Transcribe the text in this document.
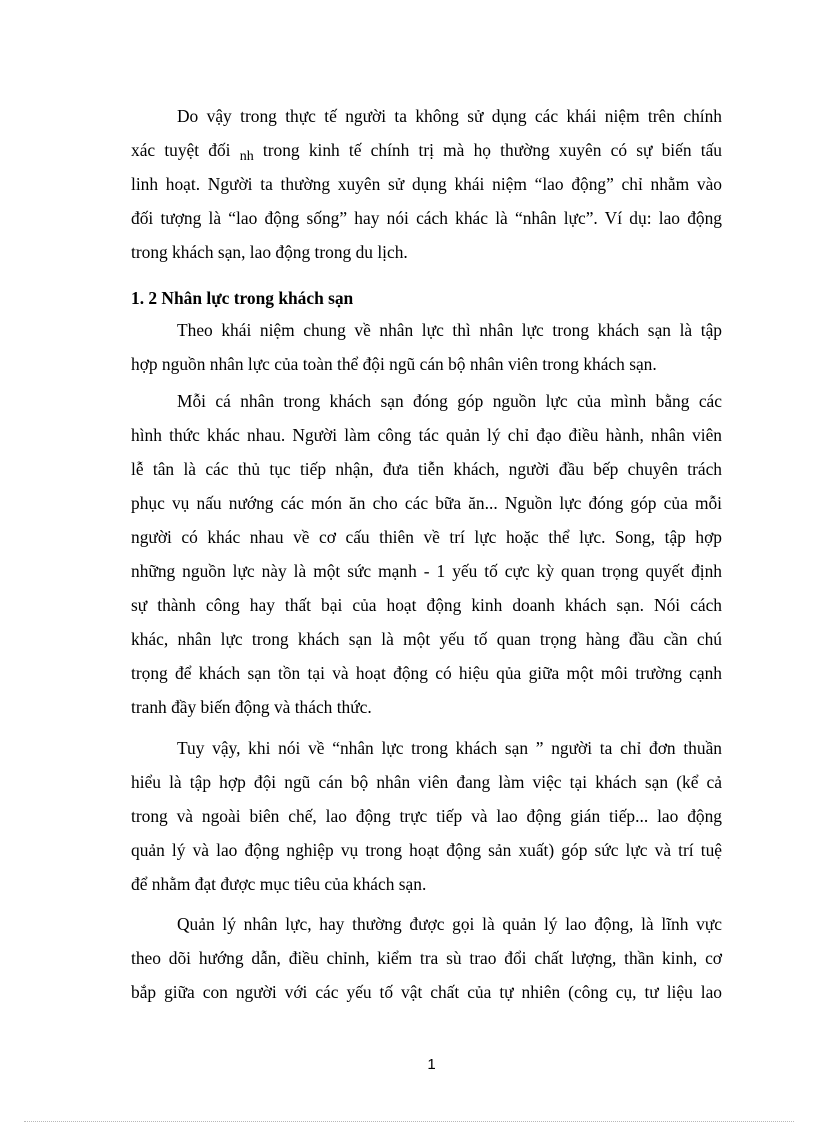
Do vậy trong thực tế người ta không sử dụng các khái niệm trên chính
xác tuyệt đối $_{nh}$ trong kinh tế chính trị mà họ thường xuyên có sự biến tấu
linh hoạt. Người ta thường xuyên sử dụng khái niệm “lao động” chỉ nhằm vào
đối tượng là “lao động sống” hay nói cách khác là “nhân lực”. Ví dụ: lao động
trong khách sạn, lao động trong du lịch.
1. 2 Nhân lực trong khách sạn
Theo khái niệm chung về nhân lực thì nhân lực trong khách sạn là tập
hợp nguồn nhân lực của toàn thể đội ngũ cán bộ nhân viên trong khách sạn.
Mỗi cá nhân trong khách sạn đóng góp nguồn lực của mình bằng các
hình thức khác nhau. Người làm công tác quản lý chỉ đạo điều hành, nhân viên
lễ tân là các thủ tục tiếp nhận, đưa tiễn khách, người đầu bếp chuyên trách
phục vụ nấu nướng các món ăn cho các bữa ăn... Nguồn lực đóng góp của mỗi
người có khác nhau về cơ cấu thiên về trí lực hoặc thể lực. Song, tập hợp
những nguồn lực này là một sức mạnh - 1 yếu tố cực kỳ quan trọng quyết định
sự thành công hay thất bại của hoạt động kinh doanh khách sạn. Nói cách
khác, nhân lực trong khách sạn là một yếu tố quan trọng hàng đầu cần chú
trọng để khách sạn tồn tại và hoạt động có hiệu qủa giữa một môi trường cạnh
tranh đầy biến động và thách thức.
Tuy vậy, khi nói về “nhân lực trong khách sạn ” người ta chỉ đơn thuần
hiểu là tập hợp đội ngũ cán bộ nhân viên đang làm việc tại khách sạn (kể cả
trong và ngoài biên chế, lao động trực tiếp và lao động gián tiếp... lao động
quản lý và lao động nghiệp vụ trong hoạt động sản xuất) góp sức lực và trí tuệ
để nhằm đạt được mục tiêu của khách sạn.
Quản lý nhân lực, hay thường được gọi là quản lý lao động, là lĩnh vực
theo dõi hướng dẫn, điều chỉnh, kiểm tra sù trao đổi chất lượng, thần kinh, cơ
bắp giữa con người với các yếu tố vật chất của tự nhiên (công cụ, tư liệu lao
1
